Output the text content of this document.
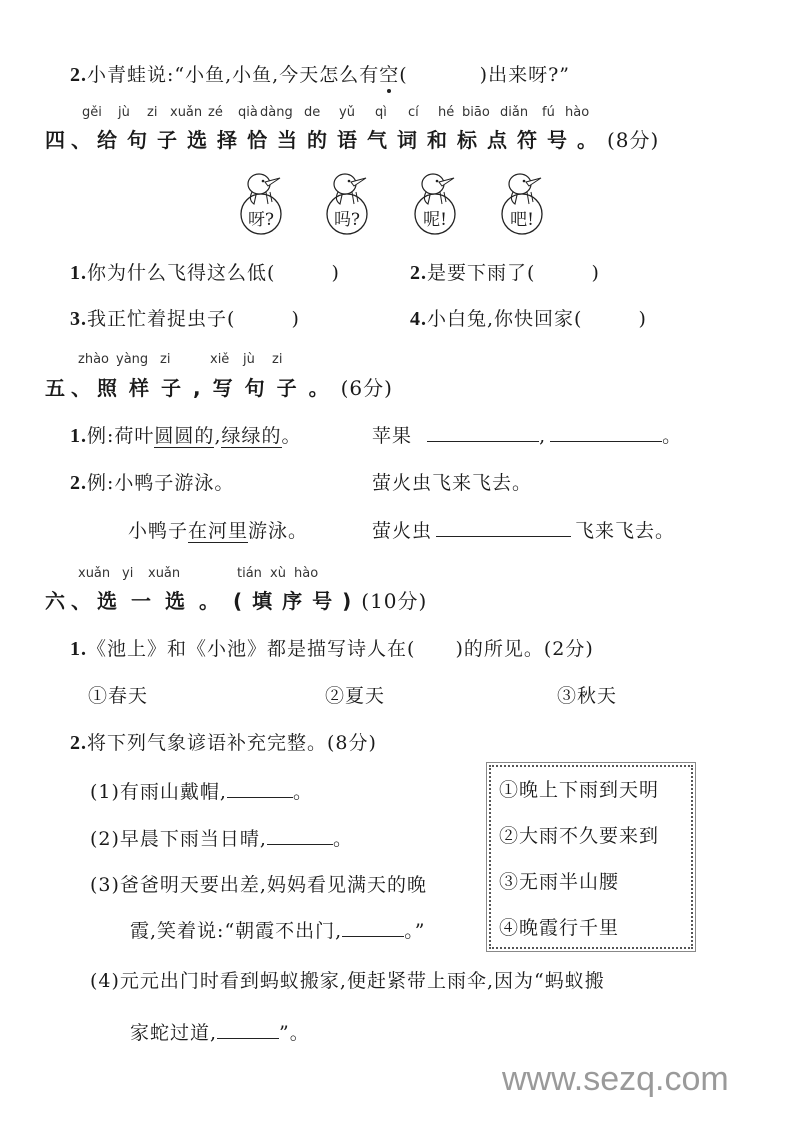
2.小青蛙说:“小鱼,小鱼,今天怎么有空(	)出来呀?”
gěi jù zi xuǎn zé qià dàng de yǔ qì cí hé biāo diǎn fú hào
四、给句子选择恰当的语气词和标点符号。(8分)
呀?	吗?	呢!	吧!
1.你为什么飞得这么低(	)	2.是要下雨了(	)
3.我正忙着捉虫子(	)	4.小白兔,你快回家(	)
zhào yàng zi	xiě jù zi
五、照样子,写句子。(6分)
1.例:荷叶圆圆的,绿绿的。	苹果	,	。
2.例:小鸭子游泳。	萤火虫飞来飞去。
小鸭子在河里游泳。	萤火虫	飞来飞去。
xuǎn yi xuǎn	tián xù hào
六、选一选。(填序号)(10分)
1.《池上》和《小池》都是描写诗人在( )的所见。(2分)
①春天	②夏天	③秋天
2.将下列气象谚语补充完整。(8分)
(1)有雨山戴帽,	。
(2)早晨下雨当日晴,	。
(3)爸爸明天要出差,妈妈看见满天的晚
霞,笑着说:“朝霞不出门,	。”
①晚上下雨到天明
②大雨不久要来到
③无雨半山腰
④晚霞行千里
(4)元元出门时看到蚂蚁搬家,便赶紧带上雨伞,因为“蚂蚁搬
家蛇过道,	”。
www.sezq.com
